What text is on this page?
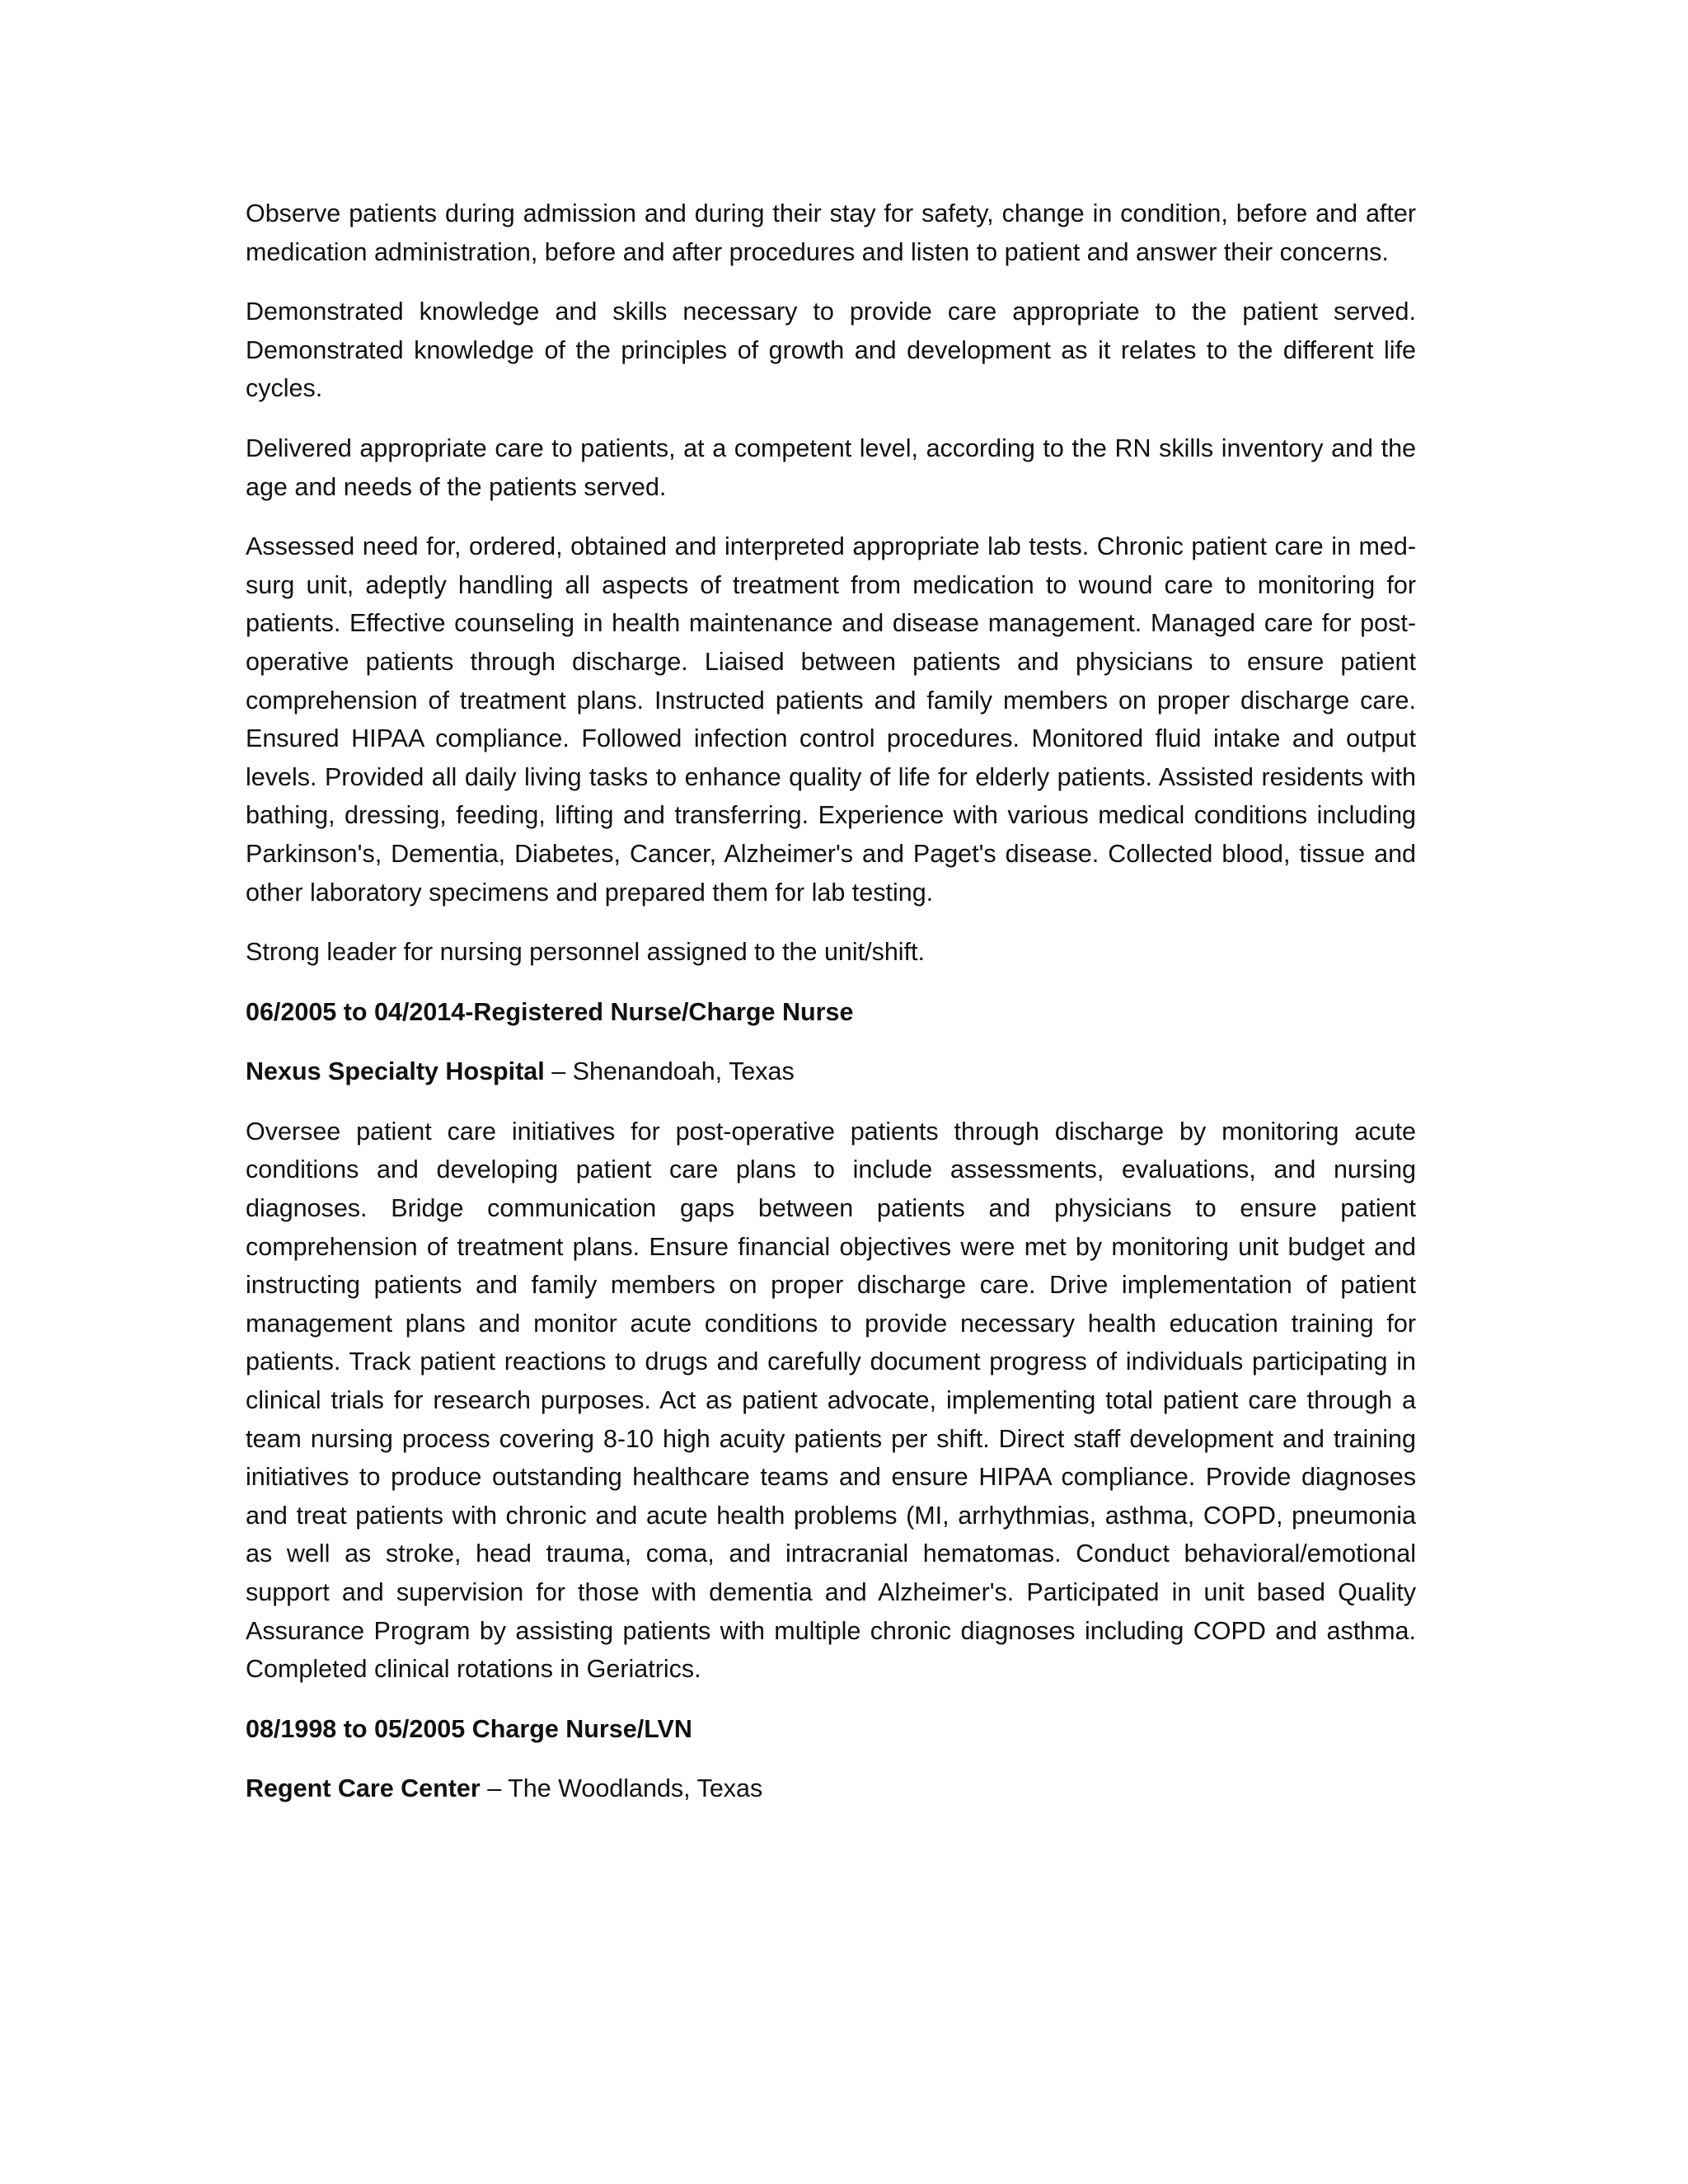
Observe patients during admission and during their stay for safety, change in condition, before and after medication administration, before and after procedures and listen to patient and answer their concerns.

Demonstrated knowledge and skills necessary to provide care appropriate to the patient served. Demonstrated knowledge of the principles of growth and development as it relates to the different life cycles.

Delivered appropriate care to patients, at a competent level, according to the RN skills inventory and the age and needs of the patients served.

Assessed need for, ordered, obtained and interpreted appropriate lab tests. Chronic patient care in med-surg unit, adeptly handling all aspects of treatment from medication to wound care to monitoring for patients. Effective counseling in health maintenance and disease management. Managed care for post-operative patients through discharge. Liaised between patients and physicians to ensure patient comprehension of treatment plans. Instructed patients and family members on proper discharge care. Ensured HIPAA compliance. Followed infection control procedures. Monitored fluid intake and output levels. Provided all daily living tasks to enhance quality of life for elderly patients. Assisted residents with bathing, dressing, feeding, lifting and transferring. Experience with various medical conditions including Parkinson's, Dementia, Diabetes, Cancer, Alzheimer's and Paget's disease. Collected blood, tissue and other laboratory specimens and prepared them for lab testing.

Strong leader for nursing personnel assigned to the unit/shift.

06/2005 to 04/2014-Registered Nurse/Charge Nurse

Nexus Specialty Hospital – Shenandoah, Texas

Oversee patient care initiatives for post-operative patients through discharge by monitoring acute conditions and developing patient care plans to include assessments, evaluations, and nursing diagnoses. Bridge communication gaps between patients and physicians to ensure patient comprehension of treatment plans. Ensure financial objectives were met by monitoring unit budget and instructing patients and family members on proper discharge care. Drive implementation of patient management plans and monitor acute conditions to provide necessary health education training for patients. Track patient reactions to drugs and carefully document progress of individuals participating in clinical trials for research purposes. Act as patient advocate, implementing total patient care through a team nursing process covering 8-10 high acuity patients per shift. Direct staff development and training initiatives to produce outstanding healthcare teams and ensure HIPAA compliance. Provide diagnoses and treat patients with chronic and acute health problems (MI, arrhythmias, asthma, COPD, pneumonia as well as stroke, head trauma, coma, and intracranial hematomas. Conduct behavioral/emotional support and supervision for those with dementia and Alzheimer's. Participated in unit based Quality Assurance Program by assisting patients with multiple chronic diagnoses including COPD and asthma. Completed clinical rotations in Geriatrics.

08/1998 to 05/2005 Charge Nurse/LVN

Regent Care Center – The Woodlands, Texas
